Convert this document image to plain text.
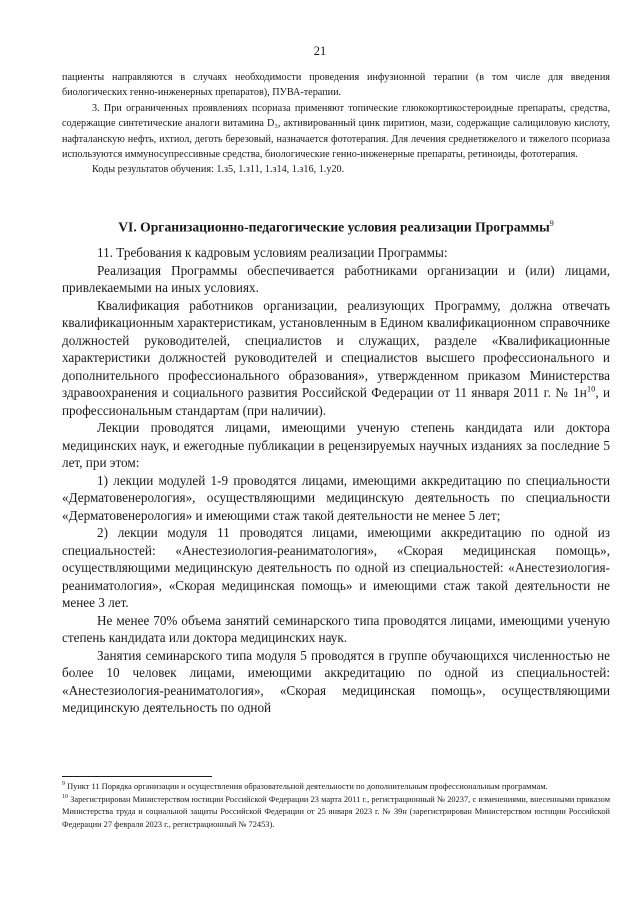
21

пациенты направляются в случаях необходимости проведения инфузионной терапии (в том числе для введения биологических генно-инженерных препаратов), ПУВА-терапии.

3. При ограниченных проявлениях псориаза применяют топические глюкокортикостероидные препараты, средства, содержащие синтетические аналоги витамина D₃, активированный цинк пиритион, мази, содержащие салициловую кислоту, нафталанскую нефть, ихтиол, деготь березовый, назначается фототерапия. Для лечения среднетяжелого и тяжелого псориаза используются иммуносупрессивные средства, биологические генно-инженерные препараты, ретиноиды, фототерапия.

Коды результатов обучения: 1.з5, 1.з11, 1.з14, 1.з16, 1.у20.

VI. Организационно-педагогические условия реализации Программы$^9$

11. Требования к кадровым условиям реализации Программы:

Реализация Программы обеспечивается работниками организации и (или) лицами, привлекаемыми на иных условиях.

Квалификация работников организации, реализующих Программу, должна отвечать квалификационным характеристикам, установленным в Едином квалификационном справочнике должностей руководителей, специалистов и служащих, разделе «Квалификационные характеристики должностей руководителей и специалистов высшего профессионального и дополнительного профессионального образования», утвержденном приказом Министерства здравоохранения и социального развития Российской Федерации от 11 января 2011 г. № $1н^{10}$, и профессиональным стандартам (при наличии).

Лекции проводятся лицами, имеющими ученую степень кандидата или доктора медицинских наук, и ежегодные публикации в рецензируемых научных изданиях за последние 5 лет, при этом:

1) лекции модулей 1-9 проводятся лицами, имеющими аккредитацию по специальности «Дерматовенерология», осуществляющими медицинскую деятельность по специальности «Дерматовенерология» и имеющими стаж такой деятельности не менее 5 лет;

2) лекции модуля 11 проводятся лицами, имеющими аккредитацию по одной из специальностей: «Анестезиология-реаниматология», «Скорая медицинская помощь», осуществляющими медицинскую деятельность по одной из специальностей: «Анестезиология-реаниматология», «Скорая медицинская помощь» и имеющими стаж такой деятельности не менее 3 лет.

Не менее 70% объема занятий семинарского типа проводятся лицами, имеющими ученую степень кандидата или доктора медицинских наук.

Занятия семинарского типа модуля 5 проводятся в группе обучающихся численностью не более 10 человек лицами, имеющими аккредитацию по одной из специальностей: «Анестезиология-реаниматология», «Скорая медицинская помощь», осуществляющими медицинскую деятельность по одной

$^9$ Пункт 11 Порядка организации и осуществления образовательной деятельности по дополнительным профессиональным программам.

$^{10}$ Зарегистрирован Министерством юстиции Российской Федерации 23 марта 2011 г., регистрационный № 20237, с изменениями, внесенными приказом Министерства труда и социальной защиты Российской Федерации от 25 января 2023 г. № 39н (зарегистрирован Министерством юстиции Российской Федерации 27 февраля 2023 г., регистрационный № 72453).
